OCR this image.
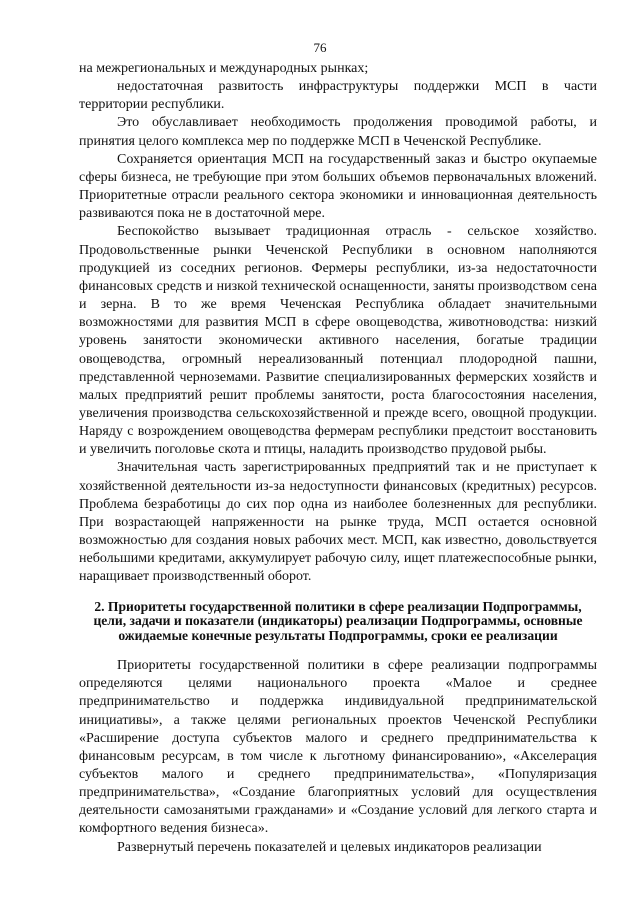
76

на межрегиональных и международных рынках;

недостаточная развитость инфраструктуры поддержки МСП в части территории республики.

Это обуславливает необходимость продолжения проводимой работы, и принятия целого комплекса мер по поддержке МСП в Чеченской Республике.

Сохраняется ориентация МСП на государственный заказ и быстро окупаемые сферы бизнеса, не требующие при этом больших объемов первоначальных вложений. Приоритетные отрасли реального сектора экономики и инновационная деятельность развиваются пока не в достаточной мере.

Беспокойство вызывает традиционная отрасль - сельское хозяйство. Продовольственные рынки Чеченской Республики в основном наполняются продукцией из соседних регионов. Фермеры республики, из-за недостаточности финансовых средств и низкой технической оснащенности, заняты производством сена и зерна. В то же время Чеченская Республика обладает значительными возможностями для развития МСП в сфере овощеводства, животноводства: низкий уровень занятости экономически активного населения, богатые традиции овощеводства, огромный нереализованный потенциал плодородной пашни, представленной черноземами. Развитие специализированных фермерских хозяйств и малых предприятий решит проблемы занятости, роста благосостояния населения, увеличения производства сельскохозяйственной и прежде всего, овощной продукции. Наряду с возрождением овощеводства фермерам республики предстоит восстановить и увеличить поголовье скота и птицы, наладить производство прудовой рыбы.

Значительная часть зарегистрированных предприятий так и не приступает к хозяйственной деятельности из-за недоступности финансовых (кредитных) ресурсов. Проблема безработицы до сих пор одна из наиболее болезненных для республики. При возрастающей напряженности на рынке труда, МСП остается основной возможностью для создания новых рабочих мест. МСП, как известно, довольствуется небольшими кредитами, аккумулирует рабочую силу, ищет платежеспособные рынки, наращивает производственный оборот.

2. Приоритеты государственной политики в сфере реализации Подпрограммы, цели, задачи и показатели (индикаторы) реализации Подпрограммы, основные ожидаемые конечные результаты Подпрограммы, сроки ее реализации

Приоритеты государственной политики в сфере реализации подпрограммы определяются целями национального проекта «Малое и среднее предпринимательство и поддержка индивидуальной предпринимательской инициативы», а также целями региональных проектов Чеченской Республики «Расширение доступа субъектов малого и среднего предпринимательства к финансовым ресурсам, в том числе к льготному финансированию», «Акселерация субъектов малого и среднего предпринимательства», «Популяризация предпринимательства», «Создание благоприятных условий для осуществления деятельности самозанятыми гражданами» и «Создание условий для легкого старта и комфортного ведения бизнеса».

Развернутый перечень показателей и целевых индикаторов реализации
